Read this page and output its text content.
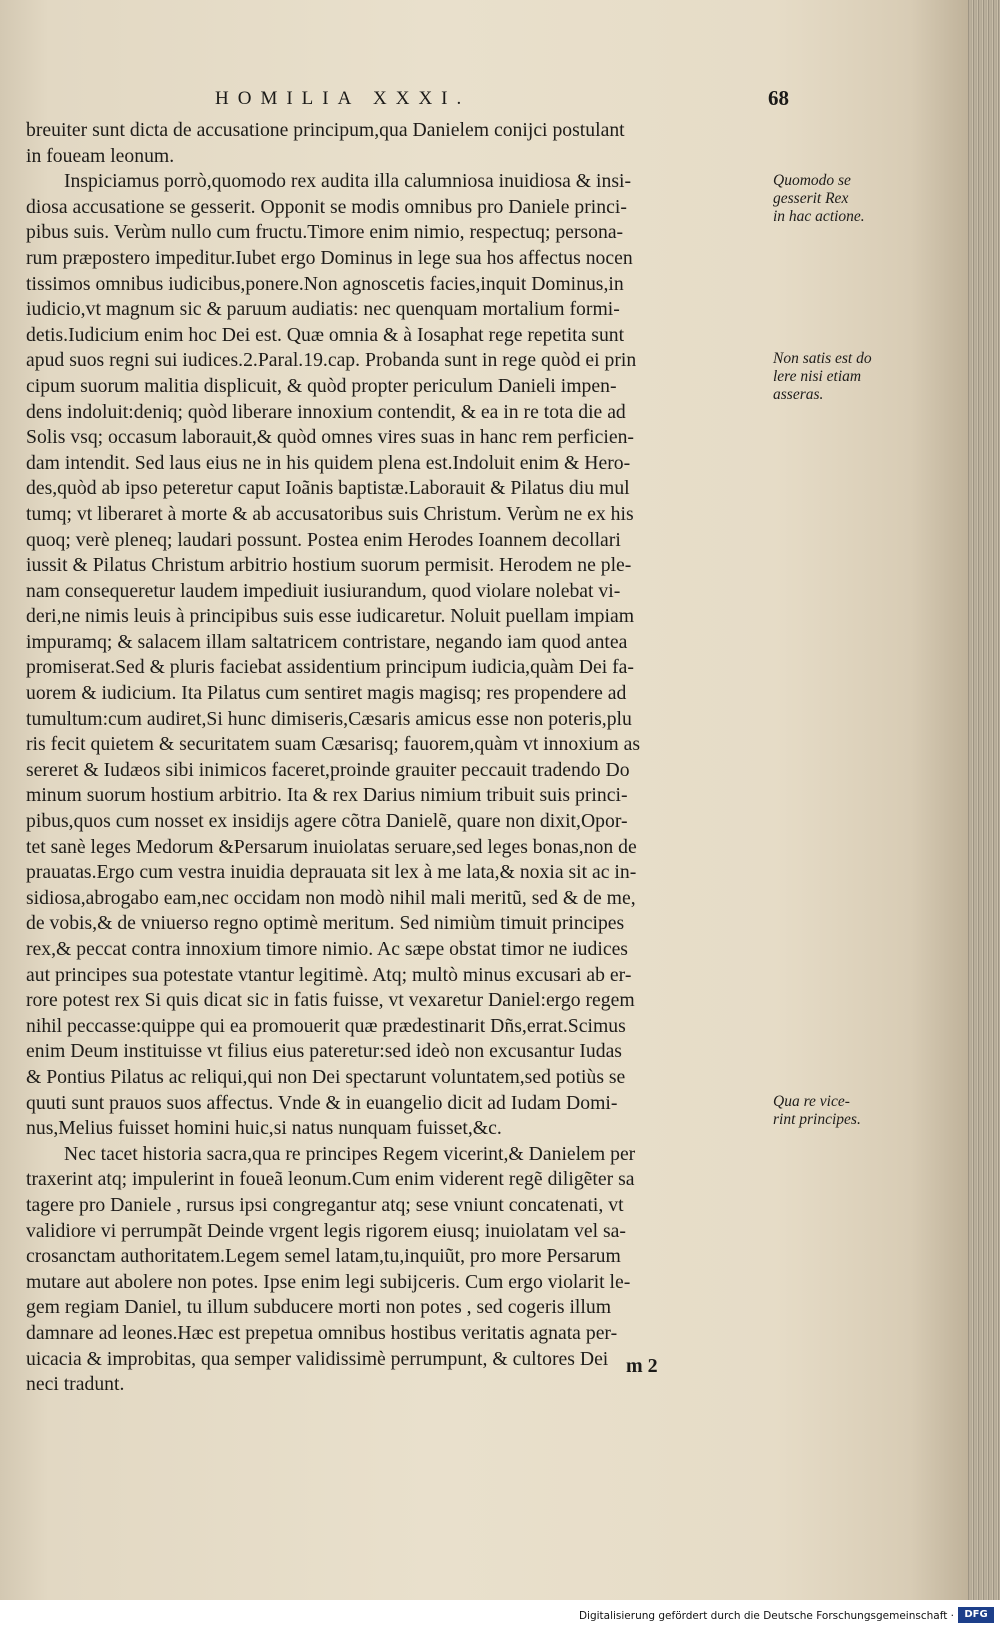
HOMILIA XXXI.	68
breuiter sunt dicta de accusatione principum,qua Danielem conijci postulant
in foueam leonum.
Inspiciamus porrò,quomodo rex audita illa calumniosa inuidiosa & insi-
diosa accusatione se gesserit. Opponit se modis omnibus pro Daniele princi-
pibus suis. Verùm nullo cum fructu.Timore enim nimio, respectuq; persona-
rum præpostero impeditur.Iubet ergo Dominus in lege sua hos affectus nocen
tissimos omnibus iudicibus,ponere.Non agnoscetis facies,inquit Dominus,in
iudicio,vt magnum sic & paruum audiatis: nec quenquam mortalium formi-
detis.Iudicium enim hoc Dei est. Quæ omnia & à Iosaphat rege repetita sunt
apud suos regni sui iudices.2.Paral.19.cap. Probanda sunt in rege quòd ei prin
cipum suorum malitia displicuit, & quòd propter periculum Danieli impen-
dens indoluit:deniq; quòd liberare innoxium contendit, & ea in re tota die ad
Solis vsq; occasum laborauit,& quòd omnes vires suas in hanc rem perficien-
dam intendit. Sed laus eius ne in his quidem plena est.Indoluit enim & Hero-
des,quòd ab ipso peteretur caput Ioãnis baptistæ.Laborauit & Pilatus diu mul
tumq; vt liberaret à morte & ab accusatoribus suis Christum. Verùm ne ex his
quoq; verè pleneq; laudari possunt. Postea enim Herodes Ioannem decollari
iussit & Pilatus Christum arbitrio hostium suorum permisit. Herodem ne ple-
nam consequeretur laudem impediuit iusiurandum, quod violare nolebat vi-
deri,ne nimis leuis à principibus suis esse iudicaretur. Noluit puellam impiam
impuramq; & salacem illam saltatricem contristare, negando iam quod antea
promiserat.Sed & pluris faciebat assidentium principum iudicia,quàm Dei fa-
uorem & iudicium. Ita Pilatus cum sentiret magis magisq; res propendere ad
tumultum:cum audiret,Si hunc dimiseris,Cæsaris amicus esse non poteris,plu
ris fecit quietem & securitatem suam Cæsarisq; fauorem,quàm vt innoxium as
sereret & Iudæos sibi inimicos faceret,proinde grauiter peccauit tradendo Do
minum suorum hostium arbitrio. Ita & rex Darius nimium tribuit suis princi-
pibus,quos cum nosset ex insidijs agere cõtra Danielẽ, quare non dixit,Opor-
tet sanè leges Medorum &Persarum inuiolatas seruare,sed leges bonas,non de
prauatas.Ergo cum vestra inuidia deprauata sit lex à me lata,& noxia sit ac in-
sidiosa,abrogabo eam,nec occidam non modò nihil mali meritũ, sed & de me,
de vobis,& de vniuerso regno optimè meritum. Sed nimiùm timuit principes
rex,& peccat contra innoxium timore nimio. Ac sæpe obstat timor ne iudices
aut principes sua potestate vtantur legitimè. Atq; multò minus excusari ab er-
rore potest rex Si quis dicat sic in fatis fuisse, vt vexaretur Daniel:ergo regem
nihil peccasse:quippe qui ea promouerit quæ prædestinarit Dñs,errat.Scimus
enim Deum instituisse vt filius eius pateretur:sed ideò non excusantur Iudas
& Pontius Pilatus ac reliqui,qui non Dei spectarunt voluntatem,sed potiùs se
quuti sunt prauos suos affectus. Vnde & in euangelio dicit ad Iudam Domi-
nus,Melius fuisset homini huic,si natus nunquam fuisset,&c.
Nec tacet historia sacra,qua re principes Regem vicerint,& Danielem per
traxerint atq; impulerint in foueã leonum.Cum enim viderent regẽ diligẽter sa
tagere pro Daniele , rursus ipsi congregantur atq; sese vniunt concatenati, vt
validiore vi perrumpãt Deinde vrgent legis rigorem eiusq; inuiolatam vel sa-
crosanctam authoritatem.Legem semel latam,tu,inquiũt, pro more Persarum
mutare aut abolere non potes. Ipse enim legi subijceris. Cum ergo violarit le-
gem regiam Daniel, tu illum subducere morti non potes , sed cogeris illum
damnare ad leones.Hæc est prepetua omnibus hostibus veritatis agnata per-
uicacia & improbitas, qua semper validissimè perrumpunt, & cultores Dei
neci tradunt.
Quomodo se
gesserit Rex
in hac actione.
Non satis est do
lere nisi etiam
asseras.
Qua re vice-
rint principes.
m 2
Digitalisierung gefördert durch die Deutsche Forschungsgemeinschaft ·	DFG
